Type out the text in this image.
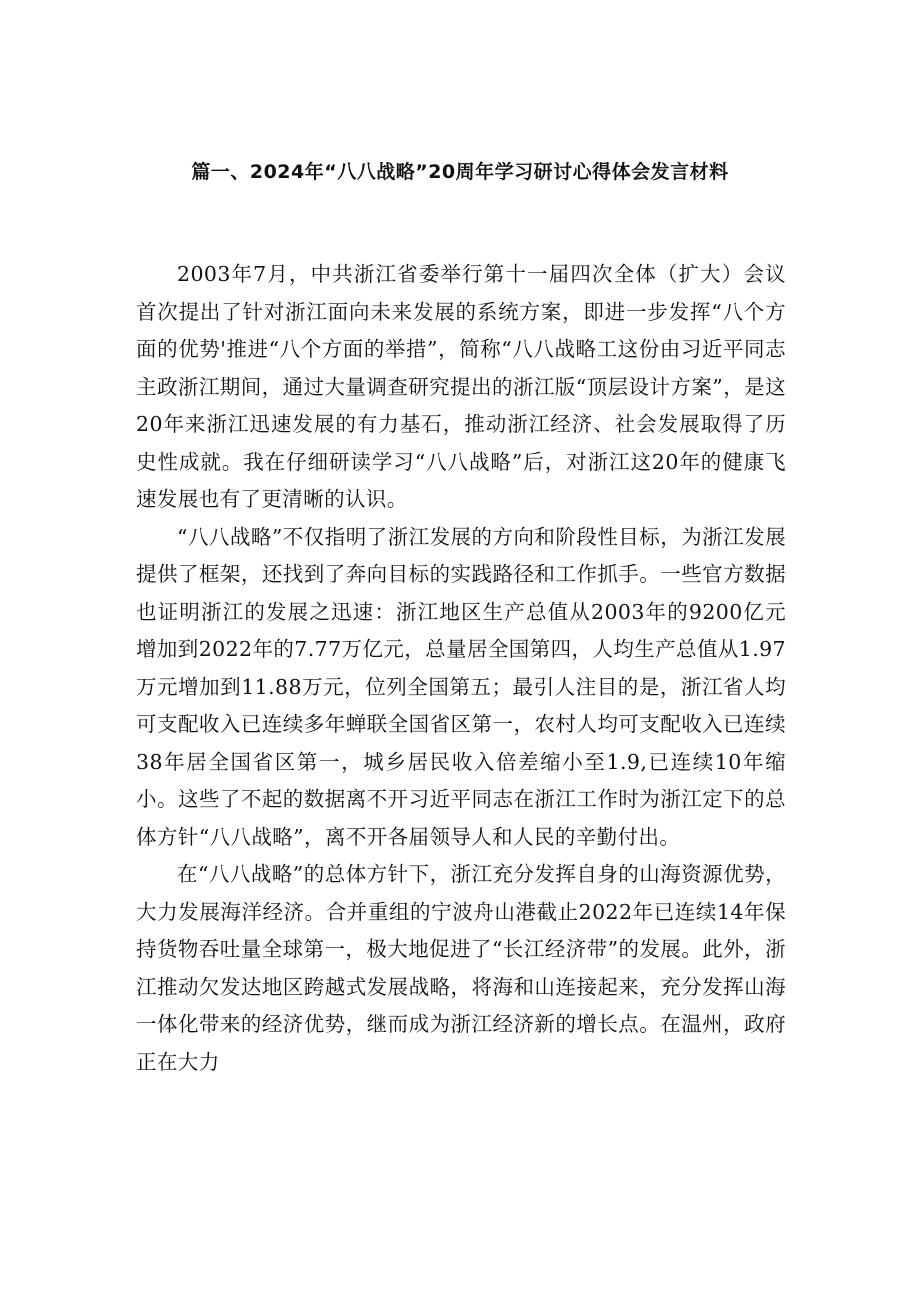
篇一、2024年“八八战略”20周年学习研讨心得体会发言材料

2003年7月，中共浙江省委举行第十一届四次全体（扩大）会议首次提出了针对浙江面向未来发展的系统方案，即进一步发挥“八个方面的优势'推进“八个方面的举措”，简称“八八战略工这份由习近平同志主政浙江期间，通过大量调查研究提出的浙江版“顶层设计方案”，是这20年来浙江迅速发展的有力基石，推动浙江经济、社会发展取得了历史性成就。我在仔细研读学习“八八战略”后，对浙江这20年的健康飞速发展也有了更清晰的认识。

“八八战略”不仅指明了浙江发展的方向和阶段性目标，为浙江发展提供了框架，还找到了奔向目标的实践路径和工作抓手。一些官方数据也证明浙江的发展之迅速：浙江地区生产总值从2003年的9200亿元增加到2022年的7.77万亿元，总量居全国第四，人均生产总值从1.97万元增加到11.88万元，位列全国第五；最引人注目的是，浙江省人均可支配收入已连续多年蝉联全国省区第一，农村人均可支配收入已连续38年居全国省区第一，城乡居民收入倍差缩小至1.9,已连续10年缩小。这些了不起的数据离不开习近平同志在浙江工作时为浙江定下的总体方针“八八战略”，离不开各届领导人和人民的辛勤付出。

在“八八战略”的总体方针下，浙江充分发挥自身的山海资源优势，大力发展海洋经济。合并重组的宁波舟山港截止2022年已连续14年保持货物吞吐量全球第一，极大地促进了“长江经济带”的发展。此外，浙江推动欠发达地区跨越式发展战略，将海和山连接起来，充分发挥山海一体化带来的经济优势，继而成为浙江经济新的增长点。在温州，政府正在大力
